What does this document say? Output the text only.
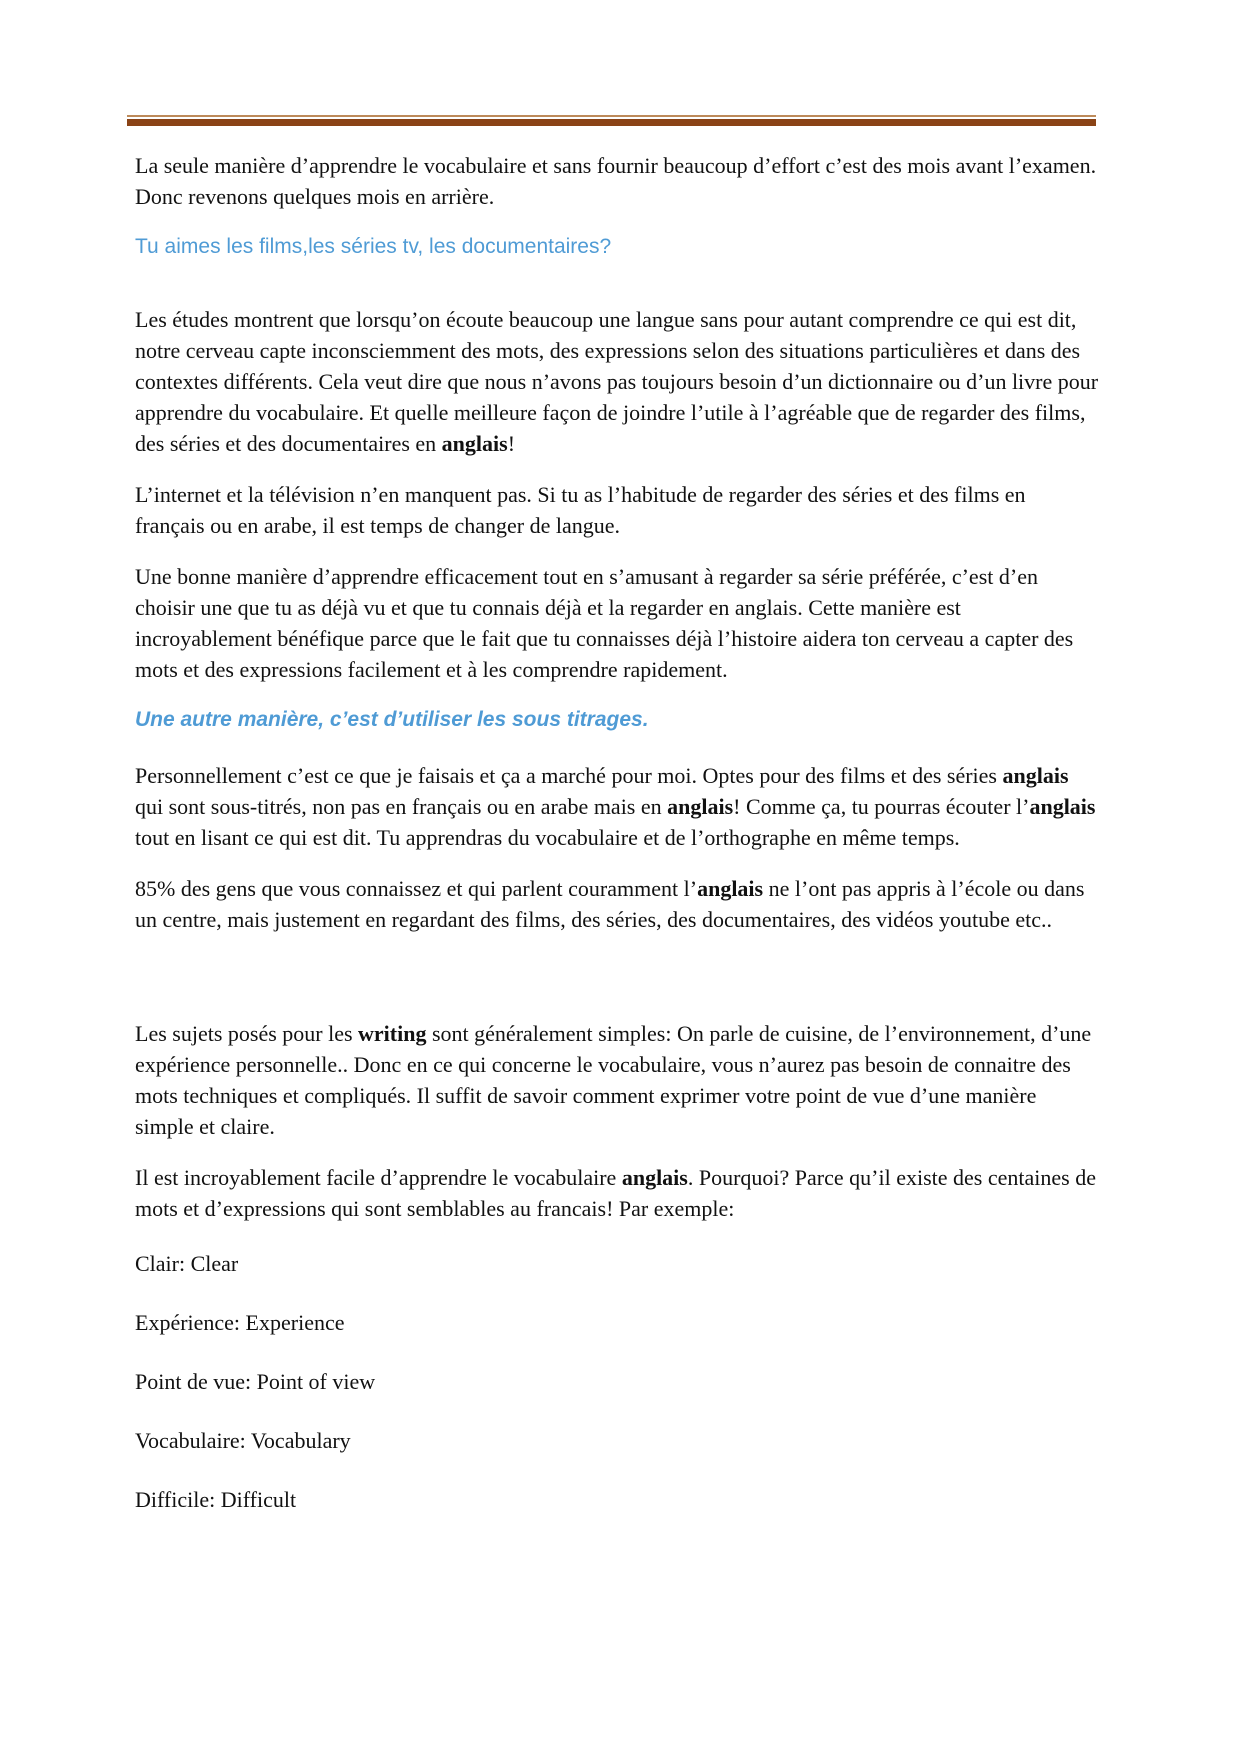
La seule manière d’apprendre le vocabulaire et sans fournir beaucoup d’effort c’est des mois avant l’examen. Donc revenons quelques mois en arrière.

Tu aimes les films,les séries tv, les documentaires?

Les études montrent que lorsqu’on écoute beaucoup une langue sans pour autant comprendre ce qui est dit, notre cerveau capte inconsciemment des mots, des expressions selon des situations particulières et dans des contextes différents. Cela veut dire que nous n’avons pas toujours besoin d’un dictionnaire ou d’un livre pour apprendre du vocabulaire. Et quelle meilleure façon de joindre l’utile à l’agréable que de regarder des films, des séries et des documentaires en anglais!

L’internet et la télévision n’en manquent pas. Si tu as l’habitude de regarder des séries et des films en français ou en arabe, il est temps de changer de langue.

Une bonne manière d’apprendre efficacement tout en s’amusant à regarder sa série préférée, c’est d’en choisir une que tu as déjà vu et que tu connais déjà et la regarder en anglais. Cette manière est incroyablement bénéfique parce que le fait que tu connaisses déjà l’histoire aidera ton cerveau a capter des mots et des expressions facilement et à les comprendre rapidement.

Une autre manière, c’est d’utiliser les sous titrages.

Personnellement c’est ce que je faisais et ça a marché pour moi. Optes pour des films et des séries anglais qui sont sous-titrés, non pas en français ou en arabe mais en anglais! Comme ça, tu pourras écouter l’anglais tout en lisant ce qui est dit. Tu apprendras du vocabulaire et de l’orthographe en même temps.

85% des gens que vous connaissez et qui parlent couramment l’anglais ne l’ont pas appris à l’école ou dans un centre, mais justement en regardant des films, des séries, des documentaires, des vidéos youtube etc..

Les sujets posés pour les writing sont généralement simples: On parle de cuisine, de l’environnement, d’une expérience personnelle.. Donc en ce qui concerne le vocabulaire, vous n’aurez pas besoin de connaitre des mots techniques et compliqués. Il suffit de savoir comment exprimer votre point de vue d’une manière simple et claire.

Il est incroyablement facile d’apprendre le vocabulaire anglais. Pourquoi? Parce qu’il existe des centaines de mots et d’expressions qui sont semblables au francais! Par exemple:

Clair: Clear

Expérience: Experience

Point de vue: Point of view

Vocabulaire: Vocabulary

Difficile: Difficult
